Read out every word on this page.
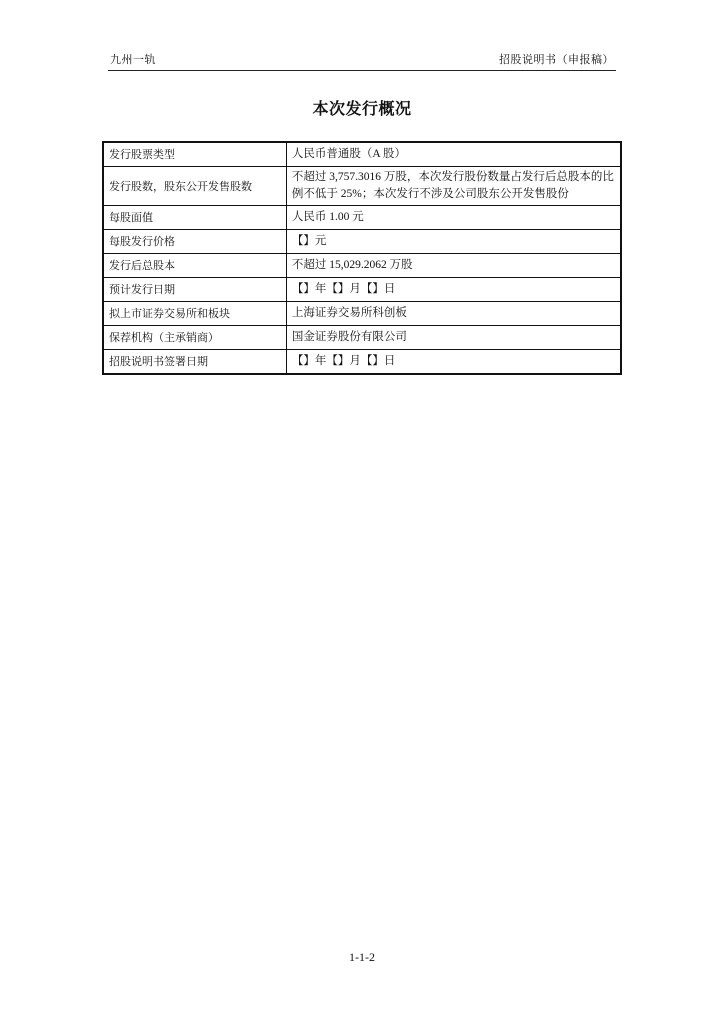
九州一轨	招股说明书（申报稿）
本次发行概况
发行股票类型	人民币普通股（A 股）
发行股数，股东公开发售股数	不超过 3,757.3016 万股，本次发行股份数量占发行后总股本的比例不低于 25%；本次发行不涉及公司股东公开发售股份
每股面值	人民币 1.00 元
每股发行价格	【】元
发行后总股本	不超过 15,029.2062 万股
预计发行日期	【】年【】月【】日
拟上市证券交易所和板块	上海证券交易所科创板
保荐机构（主承销商）	国金证券股份有限公司
招股说明书签署日期	【】年【】月【】日
1-1-2
